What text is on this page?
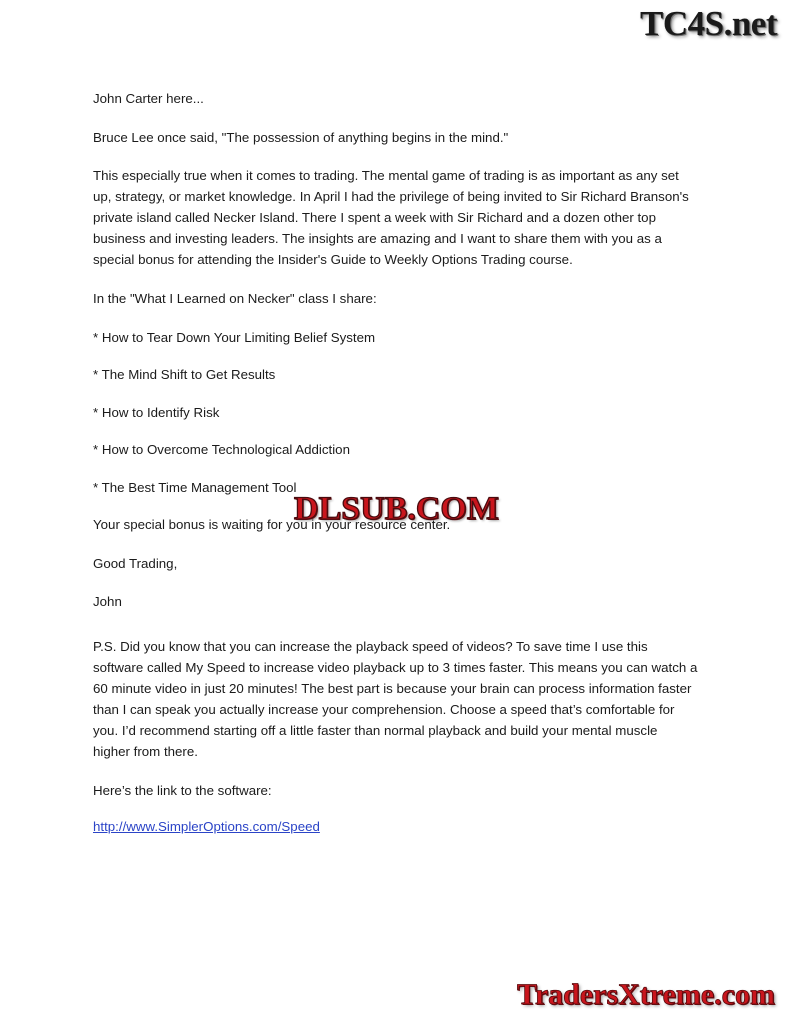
TC4S.net

John Carter here...

Bruce Lee once said, "The possession of anything begins in the mind."

This especially true when it comes to trading. The mental game of trading is as important as any set up, strategy, or market knowledge. In April I had the privilege of being invited to Sir Richard Branson's private island called Necker Island. There I spent a week with Sir Richard and a dozen other top business and investing leaders. The insights are amazing and I want to share them with you as a special bonus for attending the Insider's Guide to Weekly Options Trading course.

In the "What I Learned on Necker" class I share:

* How to Tear Down Your Limiting Belief System

* The Mind Shift to Get Results

* How to Identify Risk

* How to Overcome Technological Addiction

* The Best Time Management Tool

Your special bonus is waiting for you in your resource center.

Good Trading,

John

P.S. Did you know that you can increase the playback speed of videos? To save time I use this software called My Speed to increase video playback up to 3 times faster. This means you can watch a 60 minute video in just 20 minutes! The best part is because your brain can process information faster than I can speak you actually increase your comprehension. Choose a speed that’s comfortable for you. I’d recommend starting off a little faster than normal playback and build your mental muscle higher from there.

Here’s the link to the software:

http://www.SimplerOptions.com/Speed
DLSUB.COM
TradersXtreme.com
